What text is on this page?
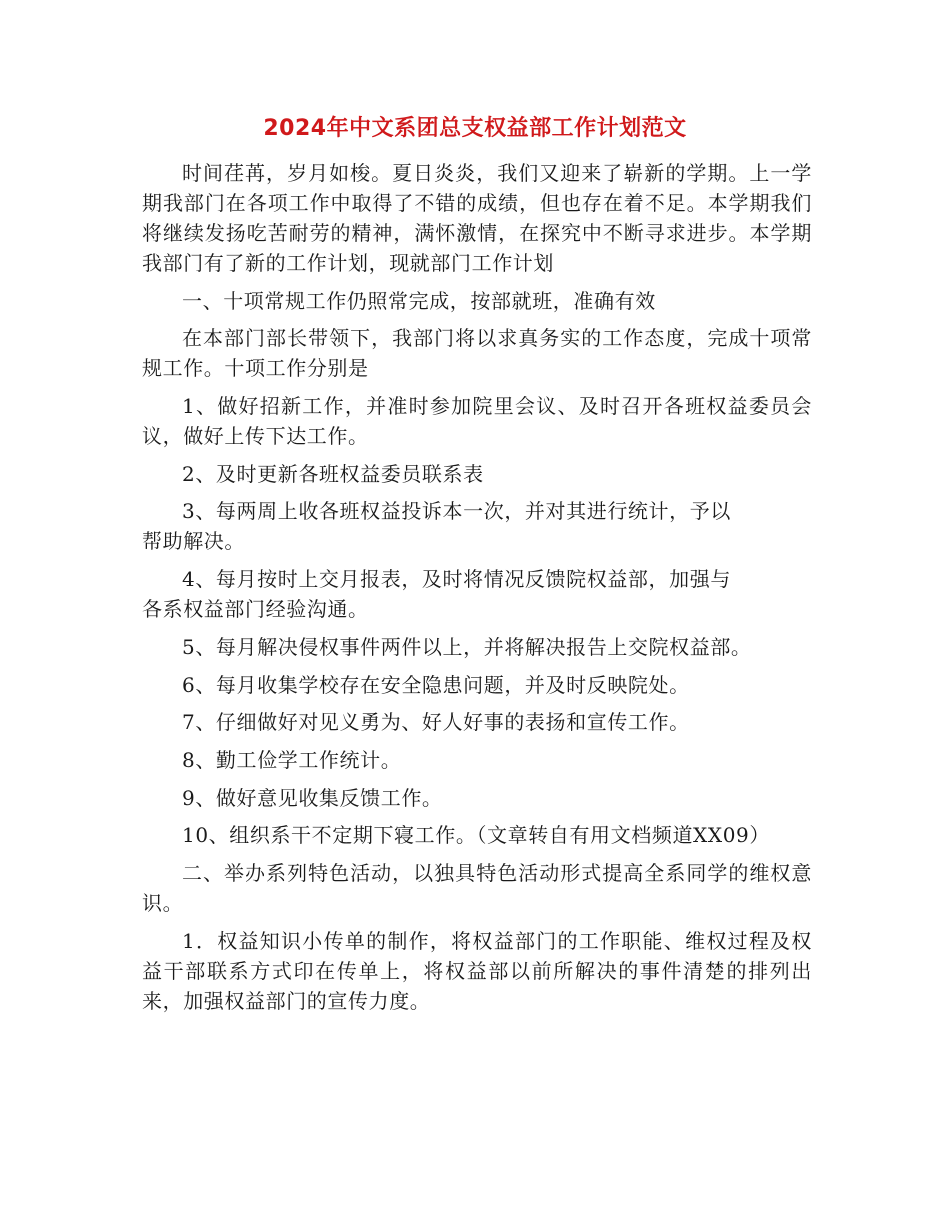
2024年中文系团总支权益部工作计划范文

时间荏苒，岁月如梭。夏日炎炎，我们又迎来了崭新的学期。上一学期我部门在各项工作中取得了不错的成绩，但也存在着不足。本学期我们将继续发扬吃苦耐劳的精神，满怀激情，在探究中不断寻求进步。本学期我部门有了新的工作计划，现就部门工作计划

一、十项常规工作仍照常完成，按部就班，准确有效

在本部门部长带领下，我部门将以求真务实的工作态度，完成十项常规工作。十项工作分别是

1、做好招新工作，并准时参加院里会议、及时召开各班权益委员会议，做好上传下达工作。

2、及时更新各班权益委员联系表

3、每两周上收各班权益投诉本一次，并对其进行统计，予以
帮助解决。

4、每月按时上交月报表，及时将情况反馈院权益部，加强与
各系权益部门经验沟通。

5、每月解决侵权事件两件以上，并将解决报告上交院权益部。

6、每月收集学校存在安全隐患问题，并及时反映院处。

7、仔细做好对见义勇为、好人好事的表扬和宣传工作。

8、勤工俭学工作统计。

9、做好意见收集反馈工作。

10、组织系干不定期下寝工作。（文章转自有用文档频道XX09）

二、举办系列特色活动，以独具特色活动形式提高全系同学的维权意识。

1．权益知识小传单的制作，将权益部门的工作职能、维权过程及权益干部联系方式印在传单上，将权益部以前所解决的事件清楚的排列出来，加强权益部门的宣传力度。
